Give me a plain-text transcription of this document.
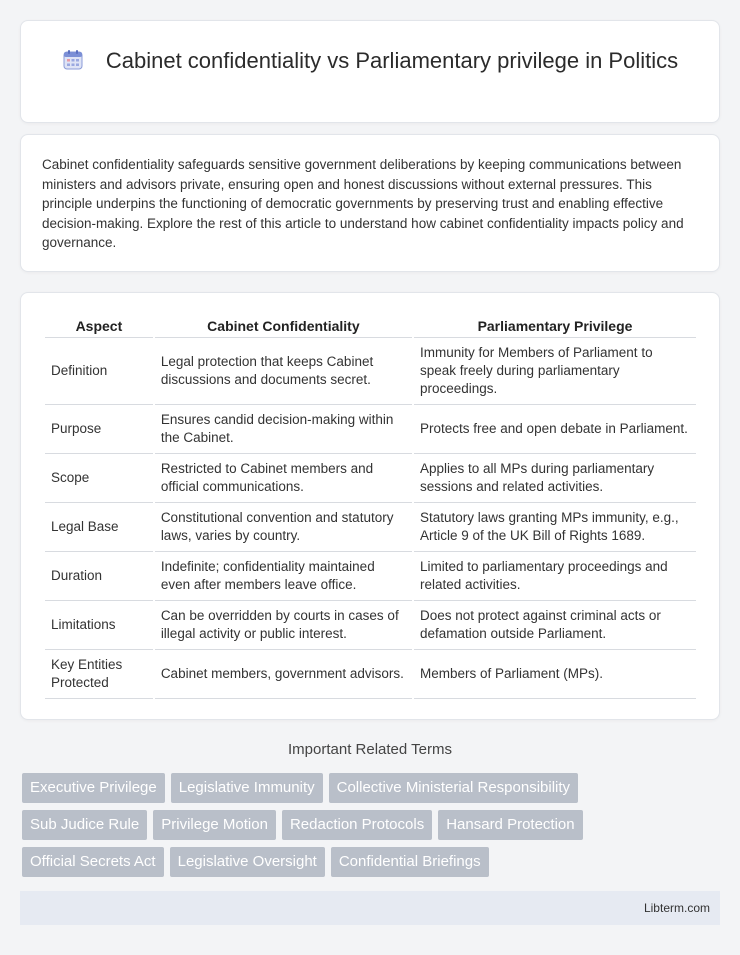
Cabinet confidentiality vs Parliamentary privilege in Politics

Cabinet confidentiality safeguards sensitive government deliberations by keeping communications between ministers and advisors private, ensuring open and honest discussions without external pressures. This principle underpins the functioning of democratic governments by preserving trust and enabling effective decision-making. Explore the rest of this article to understand how cabinet confidentiality impacts policy and governance.

Aspect	Cabinet Confidentiality	Parliamentary Privilege
Definition	Legal protection that keeps Cabinet discussions and documents secret.	Immunity for Members of Parliament to speak freely during parliamentary proceedings.
Purpose	Ensures candid decision-making within the Cabinet.	Protects free and open debate in Parliament.
Scope	Restricted to Cabinet members and official communications.	Applies to all MPs during parliamentary sessions and related activities.
Legal Base	Constitutional convention and statutory laws, varies by country.	Statutory laws granting MPs immunity, e.g., Article 9 of the UK Bill of Rights 1689.
Duration	Indefinite; confidentiality maintained even after members leave office.	Limited to parliamentary proceedings and related activities.
Limitations	Can be overridden by courts in cases of illegal activity or public interest.	Does not protect against criminal acts or defamation outside Parliament.
Key Entities Protected	Cabinet members, government advisors.	Members of Parliament (MPs).
Important Related Terms
Executive Privilege	Legislative Immunity	Collective Ministerial Responsibility
Sub Judice Rule	Privilege Motion	Redaction Protocols	Hansard Protection
Official Secrets Act	Legislative Oversight	Confidential Briefings
Libterm.com
